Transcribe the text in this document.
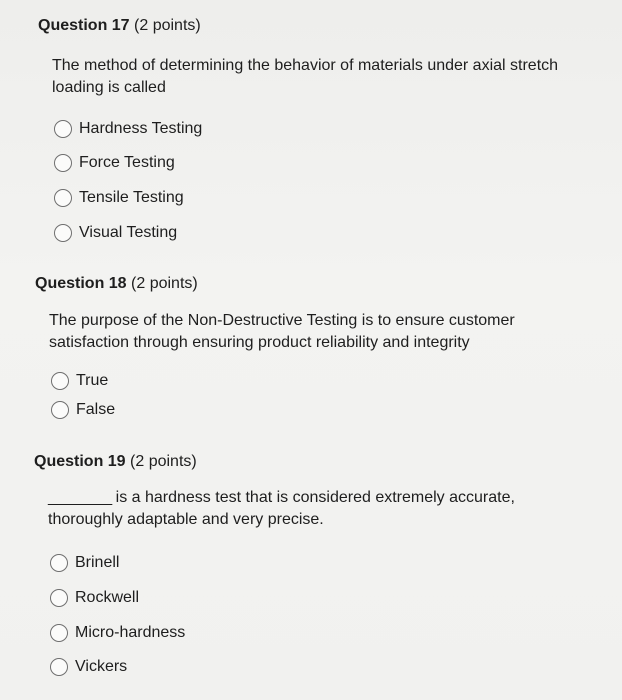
Question 17 (2 points)
The method of determining the behavior of materials under axial stretch loading is called
Hardness Testing
Force Testing
Tensile Testing
Visual Testing
Question 18 (2 points)
The purpose of the Non-Destructive Testing is to ensure customer satisfaction through ensuring product reliability and integrity
True
False
Question 19 (2 points)
________ is a hardness test that is considered extremely accurate, thoroughly adaptable and very precise.
Brinell
Rockwell
Micro-hardness
Vickers
